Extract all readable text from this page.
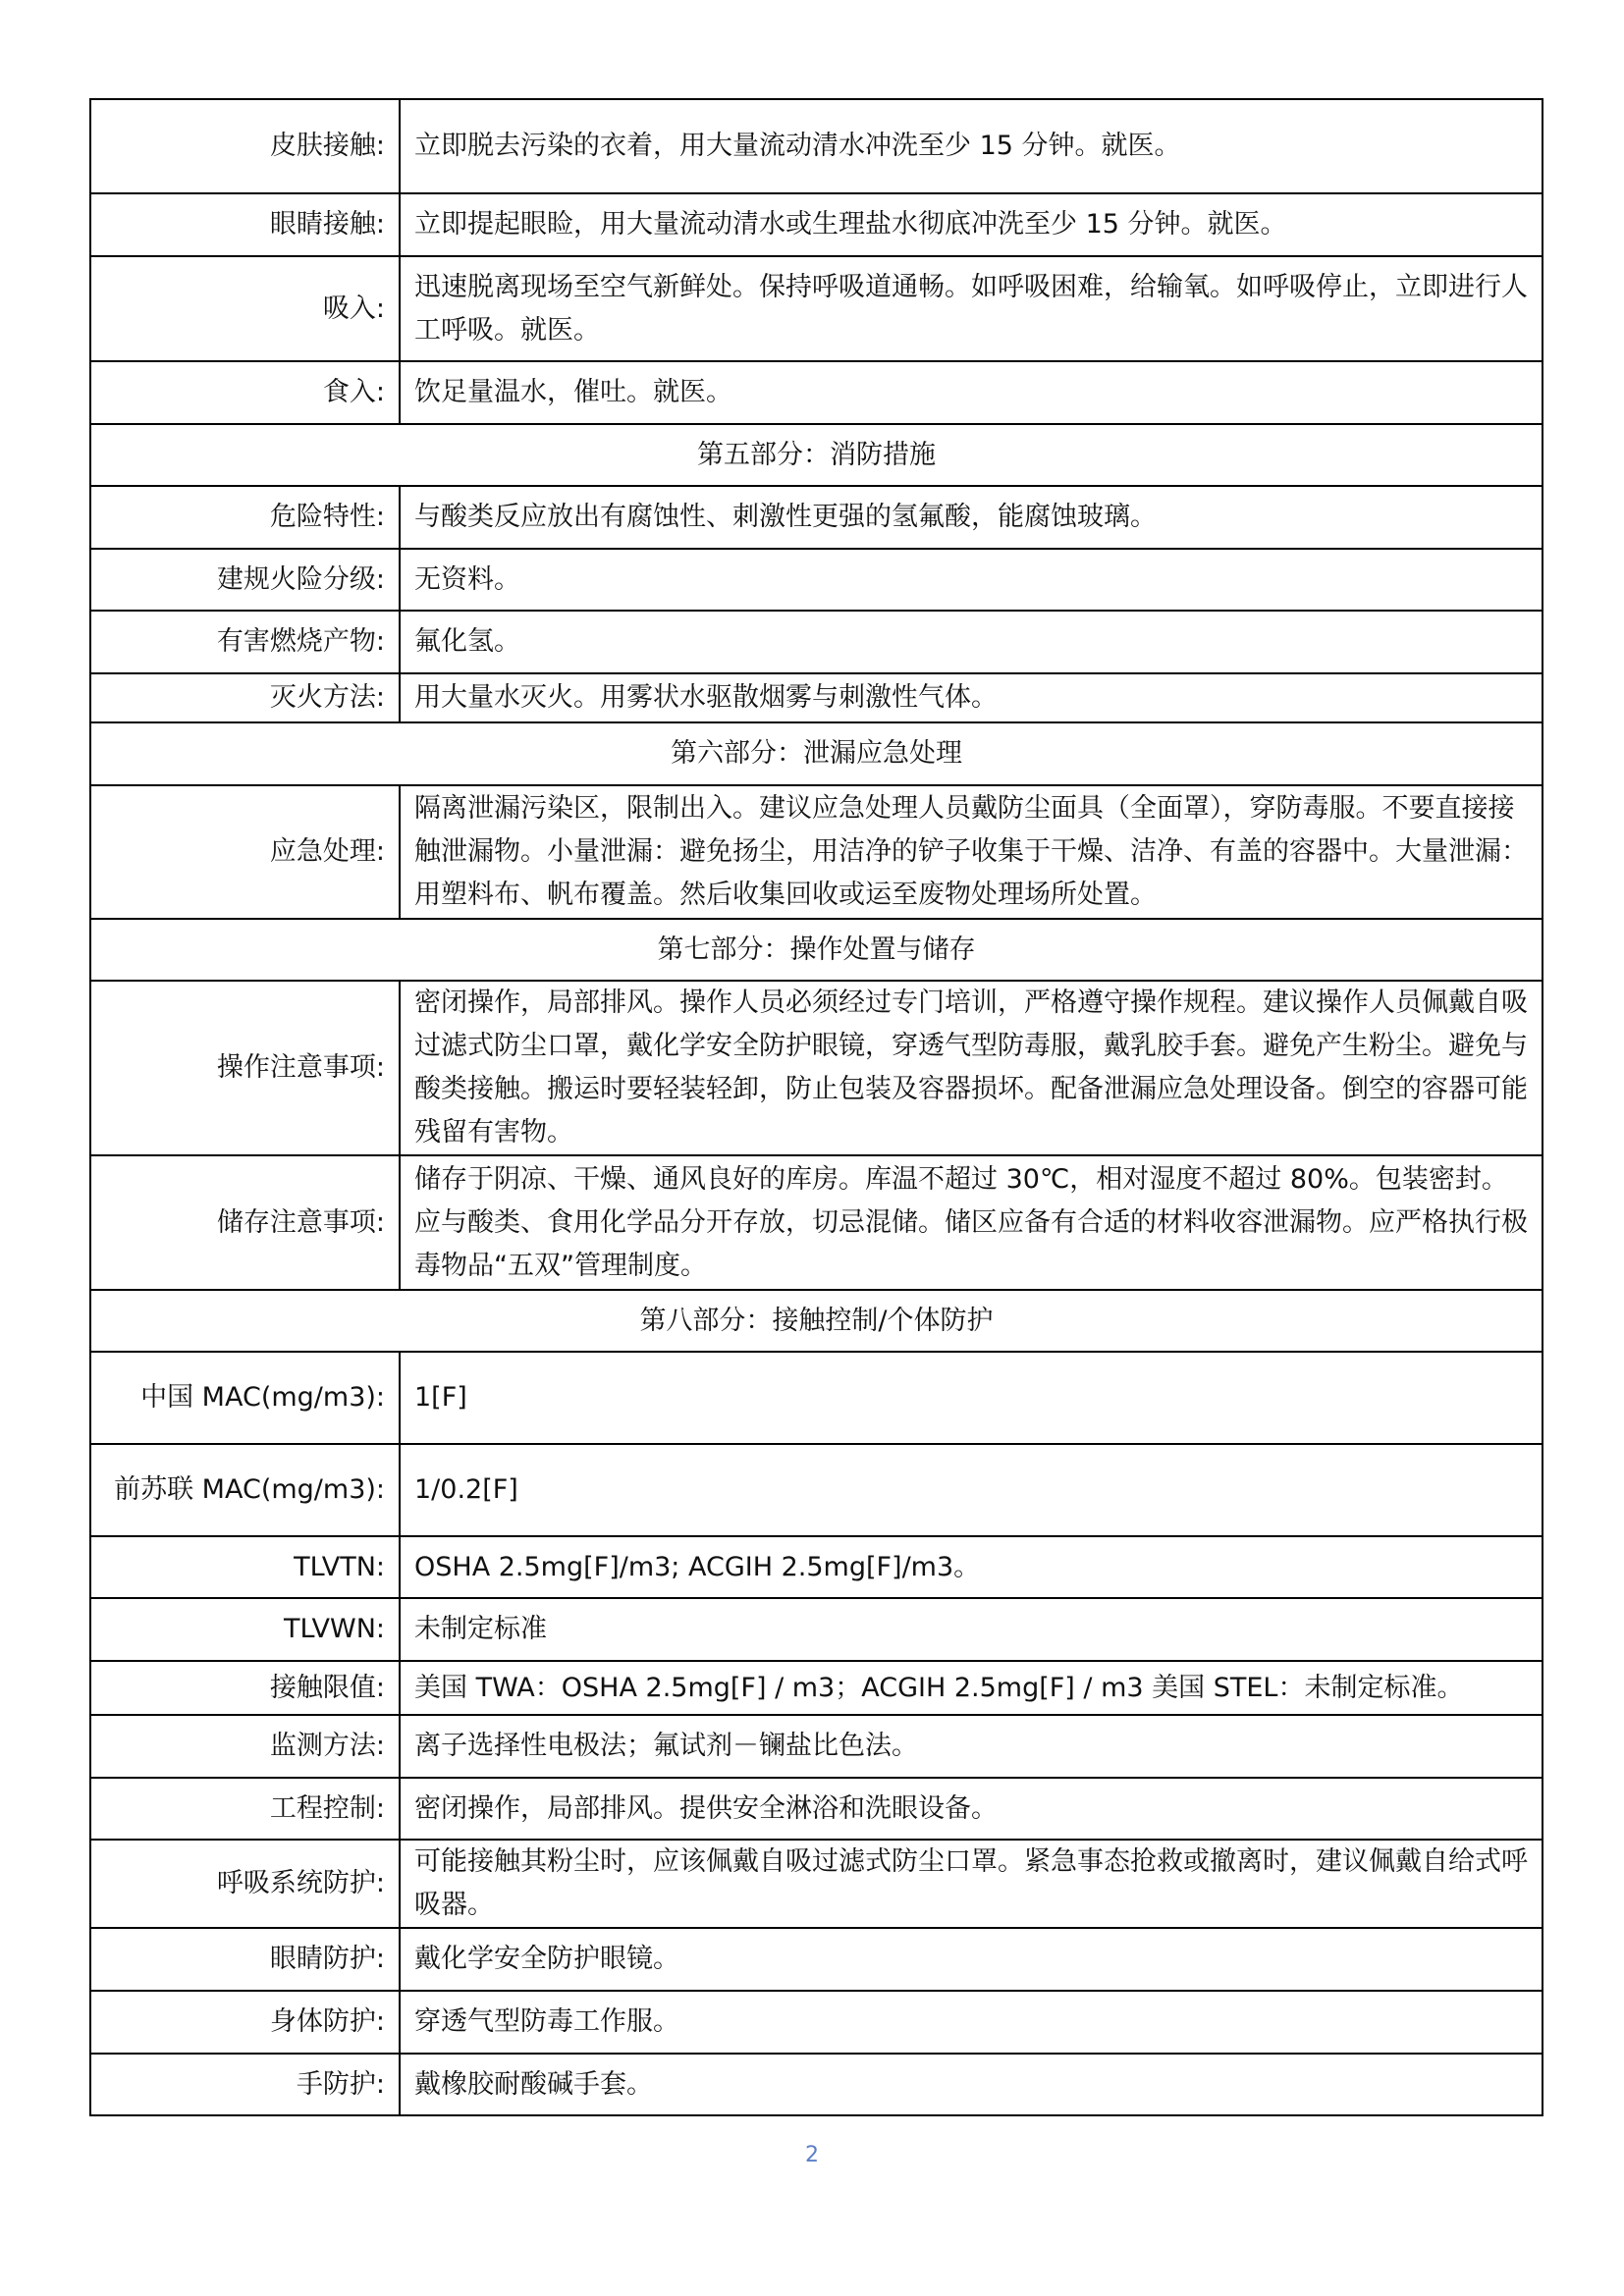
皮肤接触:	立即脱去污染的衣着，用大量流动清水冲洗至少 15 分钟。就医。
眼睛接触:	立即提起眼睑，用大量流动清水或生理盐水彻底冲洗至少 15 分钟。就医。
吸入:	迅速脱离现场至空气新鲜处。保持呼吸道通畅。如呼吸困难，给输氧。如呼吸停止，立即进行人工呼吸。就医。
食入:	饮足量温水，催吐。就医。
第五部分：消防措施	
危险特性:	与酸类反应放出有腐蚀性、刺激性更强的氢氟酸，能腐蚀玻璃。
建规火险分级:	无资料。
有害燃烧产物:	氟化氢。
灭火方法:	用大量水灭火。用雾状水驱散烟雾与刺激性气体。
第六部分：泄漏应急处理	
应急处理:	隔离泄漏污染区，限制出入。建议应急处理人员戴防尘面具（全面罩），穿防毒服。不要直接接触泄漏物。小量泄漏：避免扬尘，用洁净的铲子收集于干燥、洁净、有盖的容器中。大量泄漏：用塑料布、帆布覆盖。然后收集回收或运至废物处理场所处置。
第七部分：操作处置与储存	
操作注意事项:	密闭操作，局部排风。操作人员必须经过专门培训，严格遵守操作规程。建议操作人员佩戴自吸过滤式防尘口罩，戴化学安全防护眼镜，穿透气型防毒服，戴乳胶手套。避免产生粉尘。避免与酸类接触。搬运时要轻装轻卸，防止包装及容器损坏。配备泄漏应急处理设备。倒空的容器可能残留有害物。
储存注意事项:	储存于阴凉、干燥、通风良好的库房。库温不超过 30℃，相对湿度不超过 80%。包装密封。应与酸类、食用化学品分开存放，切忌混储。储区应备有合适的材料收容泄漏物。应严格执行极毒物品“五双”管理制度。
第八部分：接触控制/个体防护	
中国 MAC(mg/m3):	1[F]
前苏联 MAC(mg/m3):	1/0.2[F]
TLVTN:	OSHA 2.5mg[F]/m3; ACGIH 2.5mg[F]/m3。
TLVWN:	未制定标准
接触限值:	美国 TWA：OSHA 2.5mg[F] / m3；ACGIH 2.5mg[F] / m3 美国 STEL：未制定标准。
监测方法:	离子选择性电极法；氟试剂－镧盐比色法。
工程控制:	密闭操作，局部排风。提供安全淋浴和洗眼设备。
呼吸系统防护:	可能接触其粉尘时，应该佩戴自吸过滤式防尘口罩。紧急事态抢救或撤离时，建议佩戴自给式呼吸器。
眼睛防护:	戴化学安全防护眼镜。
身体防护:	穿透气型防毒工作服。
手防护:	戴橡胶耐酸碱手套。
2
